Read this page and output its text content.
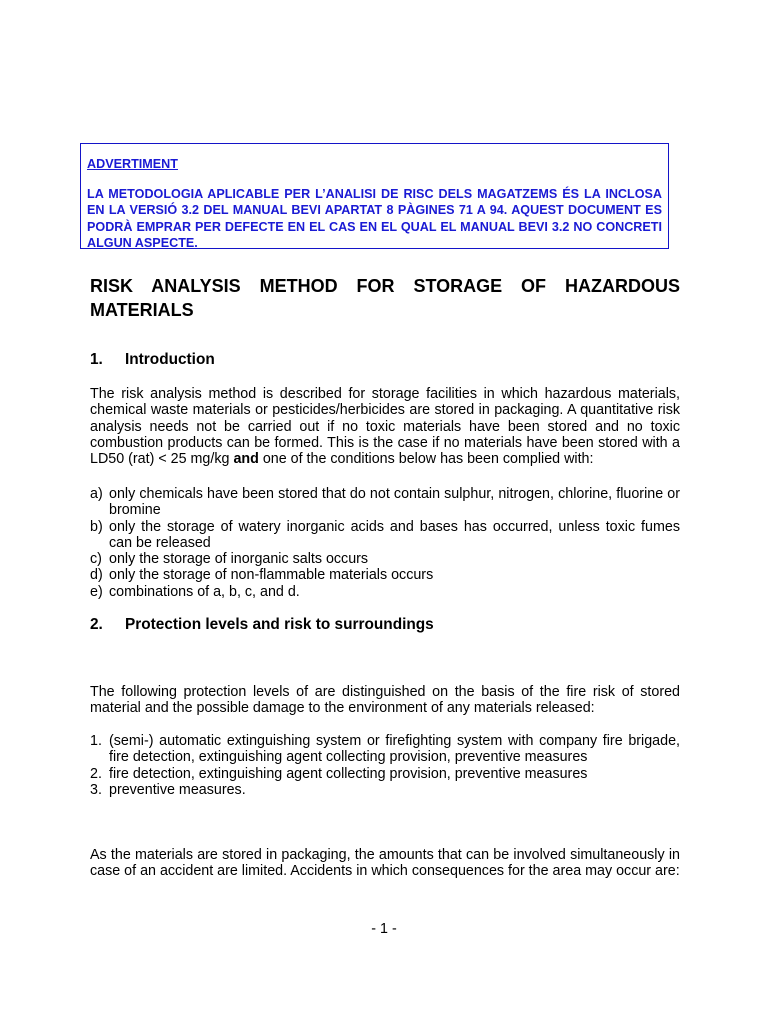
ADVERTIMENT
LA METODOLOGIA APLICABLE PER L’ANALISI DE RISC DELS MAGATZEMS ÉS LA INCLOSA EN LA VERSIÓ 3.2 DEL MANUAL BEVI APARTAT 8 PÀGINES 71 A 94. AQUEST DOCUMENT ES PODRÀ EMPRAR PER DEFECTE EN EL CAS EN EL QUAL EL MANUAL BEVI 3.2 NO CONCRETI ALGUN ASPECTE.
RISK ANALYSIS METHOD FOR STORAGE OF HAZARDOUS MATERIALS
1. Introduction

The risk analysis method is described for storage facilities in which hazardous materials, chemical waste materials or pesticides/herbicides are stored in packaging. A quantitative risk analysis needs not be carried out if no toxic materials have been stored and no toxic combustion products can be formed. This is the case if no materials have been stored with a LD50 (rat) < 25 mg/kg and one of the conditions below has been complied with:

a) only chemicals have been stored that do not contain sulphur, nitrogen, chlorine, fluorine or bromine
b) only the storage of watery inorganic acids and bases has occurred, unless toxic fumes can be released
c) only the storage of inorganic salts occurs
d) only the storage of non-flammable materials occurs
e) combinations of a, b, c, and d.
2. Protection levels and risk to surroundings

The following protection levels of are distinguished on the basis of the fire risk of stored material and the possible damage to the environment of any materials released:

1. (semi-) automatic extinguishing system or firefighting system with company fire brigade, fire detection, extinguishing agent collecting provision, preventive measures
2. fire detection, extinguishing agent collecting provision, preventive measures
3. preventive measures.

As the materials are stored in packaging, the amounts that can be involved simultaneously in case of an accident are limited. Accidents in which consequences for the area may occur are:

- 1 -
